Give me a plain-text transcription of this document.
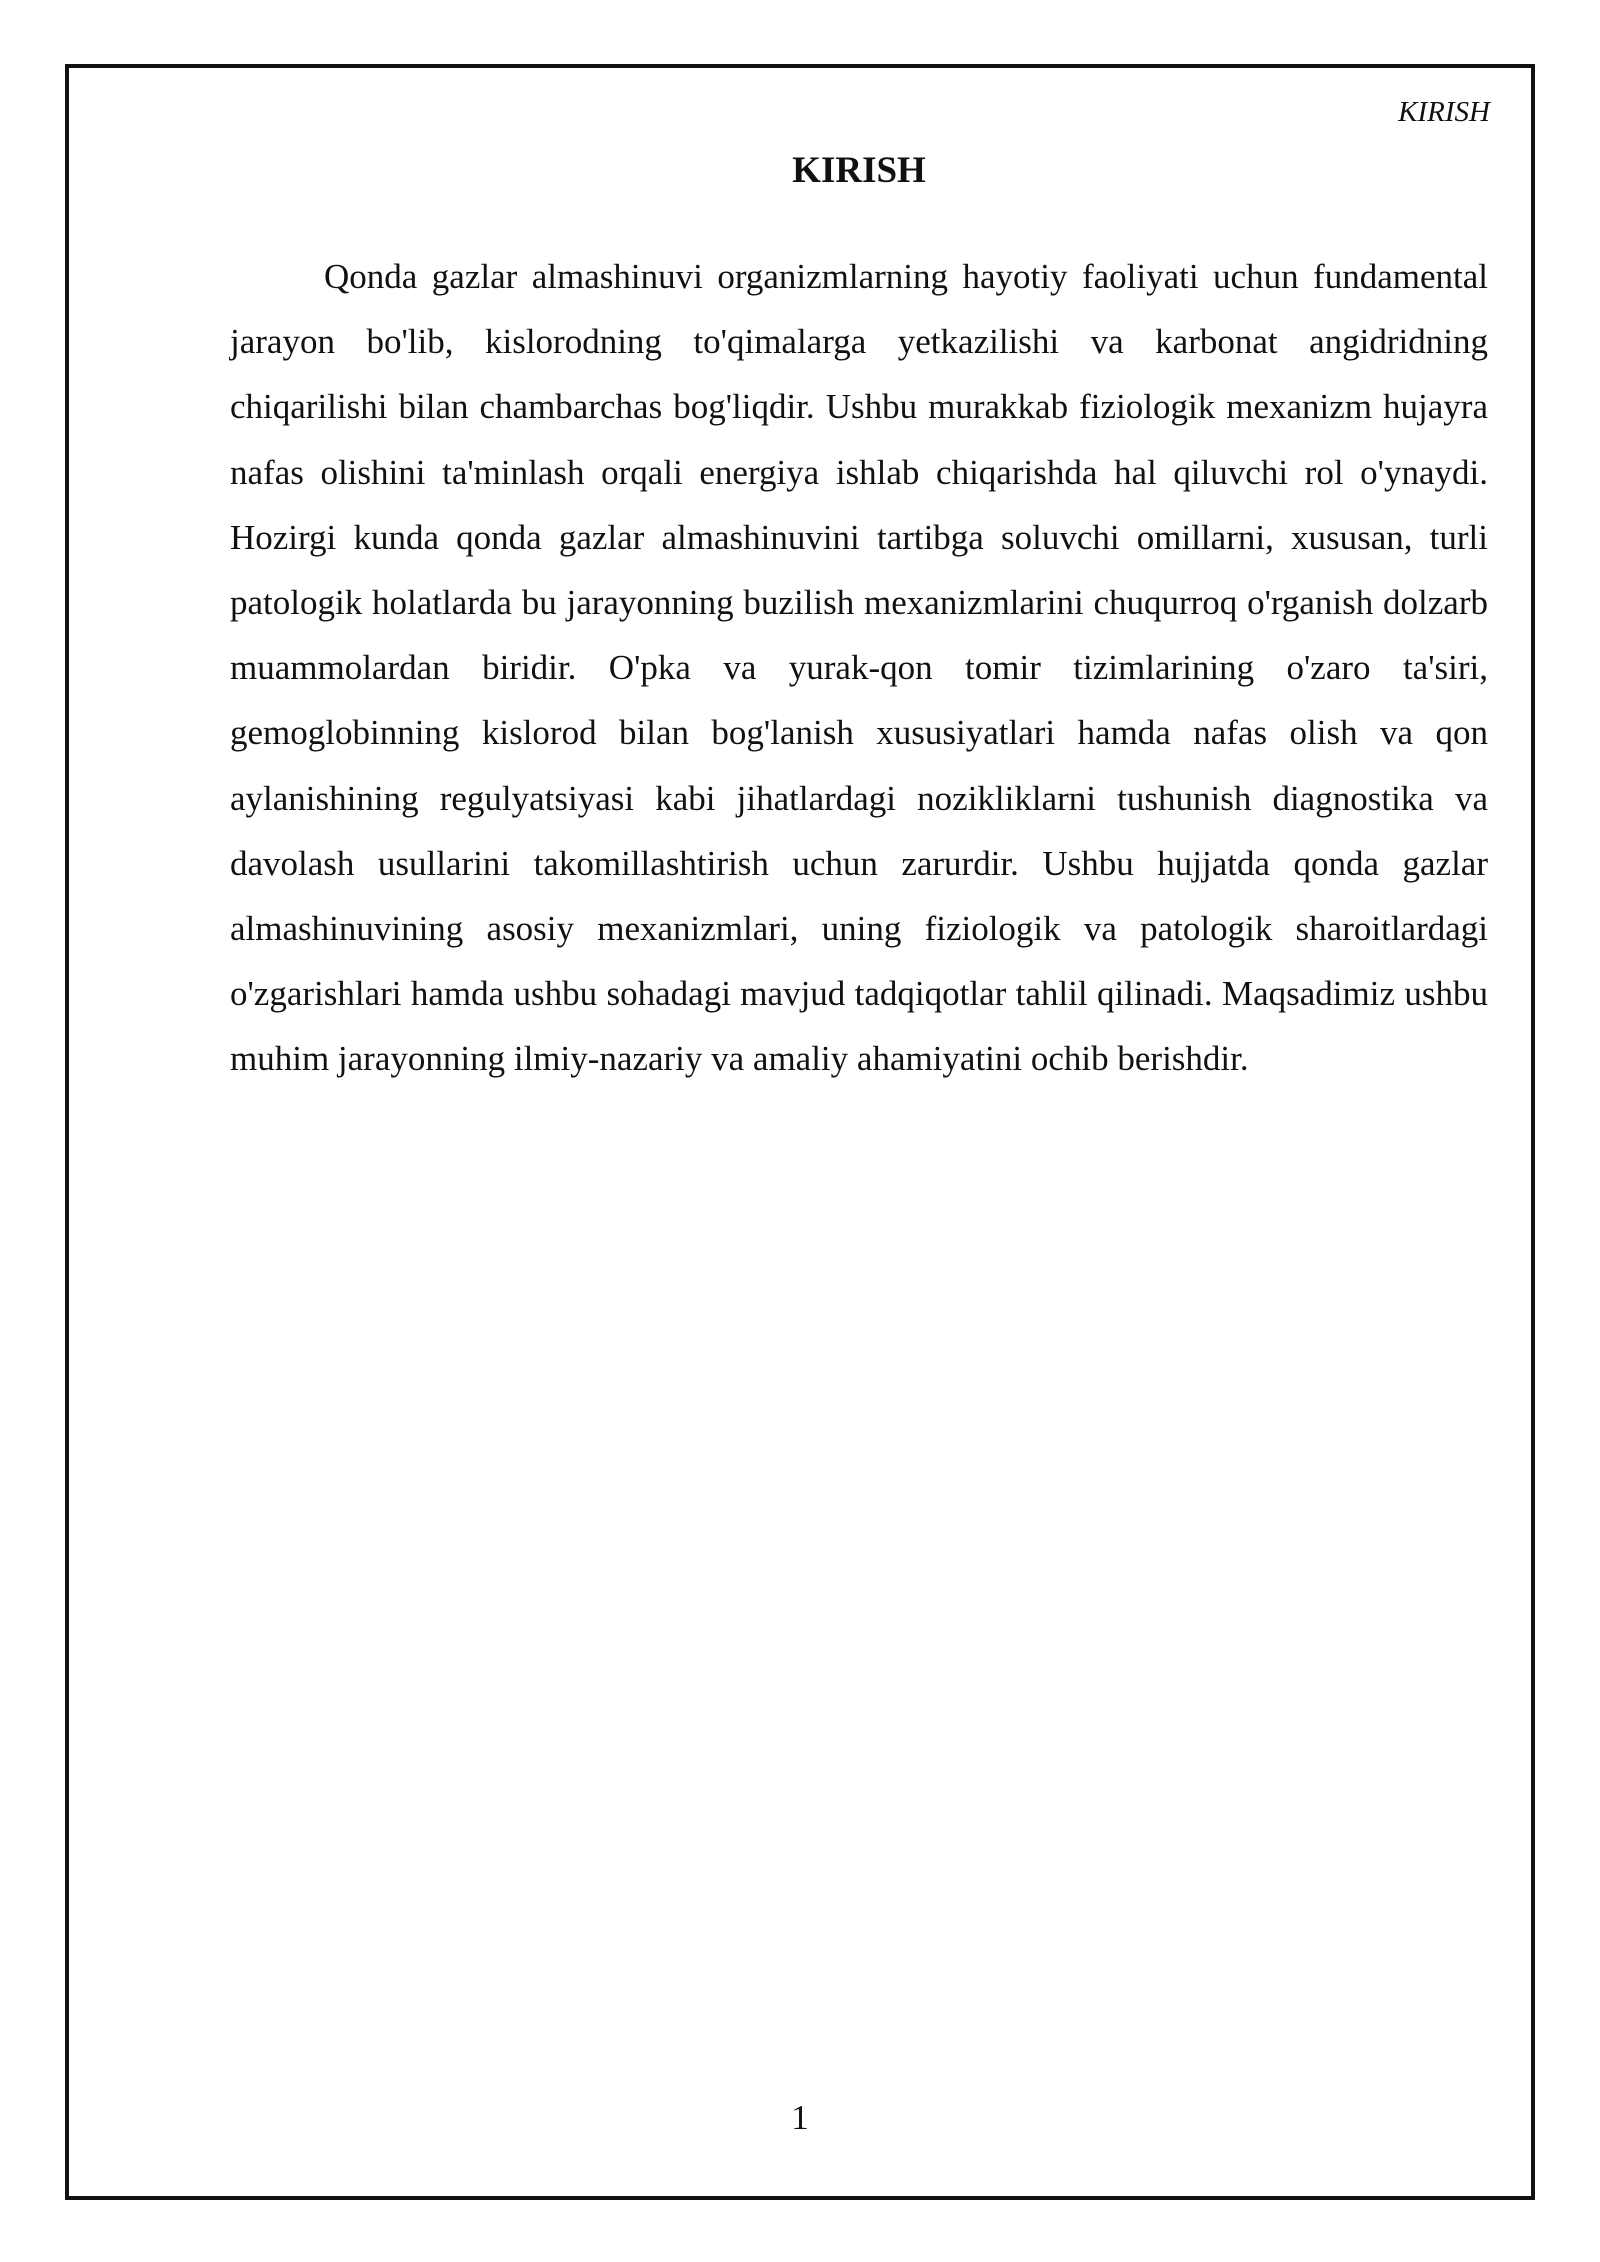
KIRISH
KIRISH

Qonda gazlar almashinuvi organizmlarning hayotiy faoliyati uchun fundamental jarayon bo'lib, kislorodning to'qimalarga yetkazilishi va karbonat angidridning chiqarilishi bilan chambarchas bog'liqdir. Ushbu murakkab fiziologik mexanizm hujayra nafas olishini ta'minlash orqali energiya ishlab chiqarishda hal qiluvchi rol o'ynaydi. Hozirgi kunda qonda gazlar almashinuvini tartibga soluvchi omillarni, xususan, turli patologik holatlarda bu jarayonning buzilish mexanizmlarini chuqurroq o'rganish dolzarb muammolardan biridir. O'pka va yurak-qon tomir tizimlarining o'zaro ta'siri, gemoglobinning kislorod bilan bog'lanish xususiyatlari hamda nafas olish va qon aylanishining regulyatsiyasi kabi jihatlardagi nozikliklarni tushunish diagnostika va davolash usullarini takomillashtirish uchun zarurdir. Ushbu hujjatda qonda gazlar almashinuvining asosiy mexanizmlari, uning fiziologik va patologik sharoitlardagi o'zgarishlari hamda ushbu sohadagi mavjud tadqiqotlar tahlil qilinadi. Maqsadimiz ushbu muhim jarayonning ilmiy-nazariy va amaliy ahamiyatini ochib berishdir.

1
